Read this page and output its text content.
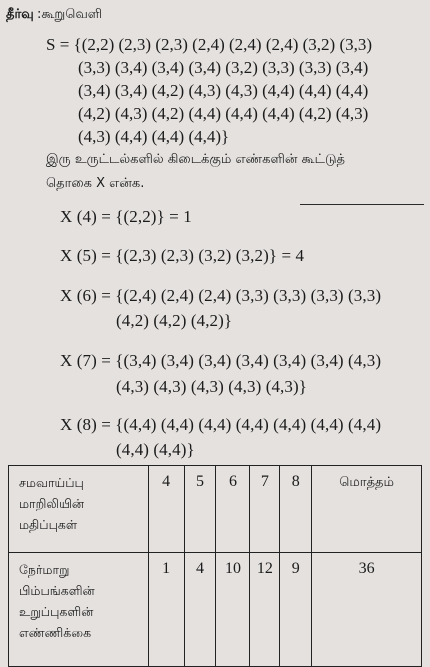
தீர்வு :கூறுவெளி
S = {(2,2) (2,3) (2,3) (2,4) (2,4) (2,4) (3,2) (3,3)
(3,3) (3,4) (3,4) (3,4) (3,2) (3,3) (3,3) (3,4)
(3,4) (3,4) (4,2) (4,3) (4,3) (4,4) (4,4) (4,4)
(4,2) (4,3) (4,2) (4,4) (4,4) (4,4) (4,2) (4,3)
(4,3) (4,4) (4,4) (4,4)}
இரு உருட்டல்களில் கிடைக்கும் எண்களின் கூட்டுத்
தொகை X என்க.
X (4) = {(2,2)} = 1
X (5) = {(2,3) (2,3) (3,2) (3,2)} = 4
X (6) = {(2,4) (2,4) (2,4) (3,3) (3,3) (3,3) (3,3)
(4,2) (4,2) (4,2)}
X (7) = {(3,4) (3,4) (3,4) (3,4) (3,4) (3,4) (4,3)
(4,3) (4,3) (4,3) (4,3) (4,3)}
X (8) = {(4,4) (4,4) (4,4) (4,4) (4,4) (4,4) (4,4)
(4,4) (4,4)}
சமவாய்ப்பு
மாறிலியின்
மதிப்புகள்	4	5	6	7	8	மொத்தம்

நேர்மாறு
பிம்பங்களின்
உறுப்புகளின்
எண்ணிக்கை	1	4	10	12	9	36
